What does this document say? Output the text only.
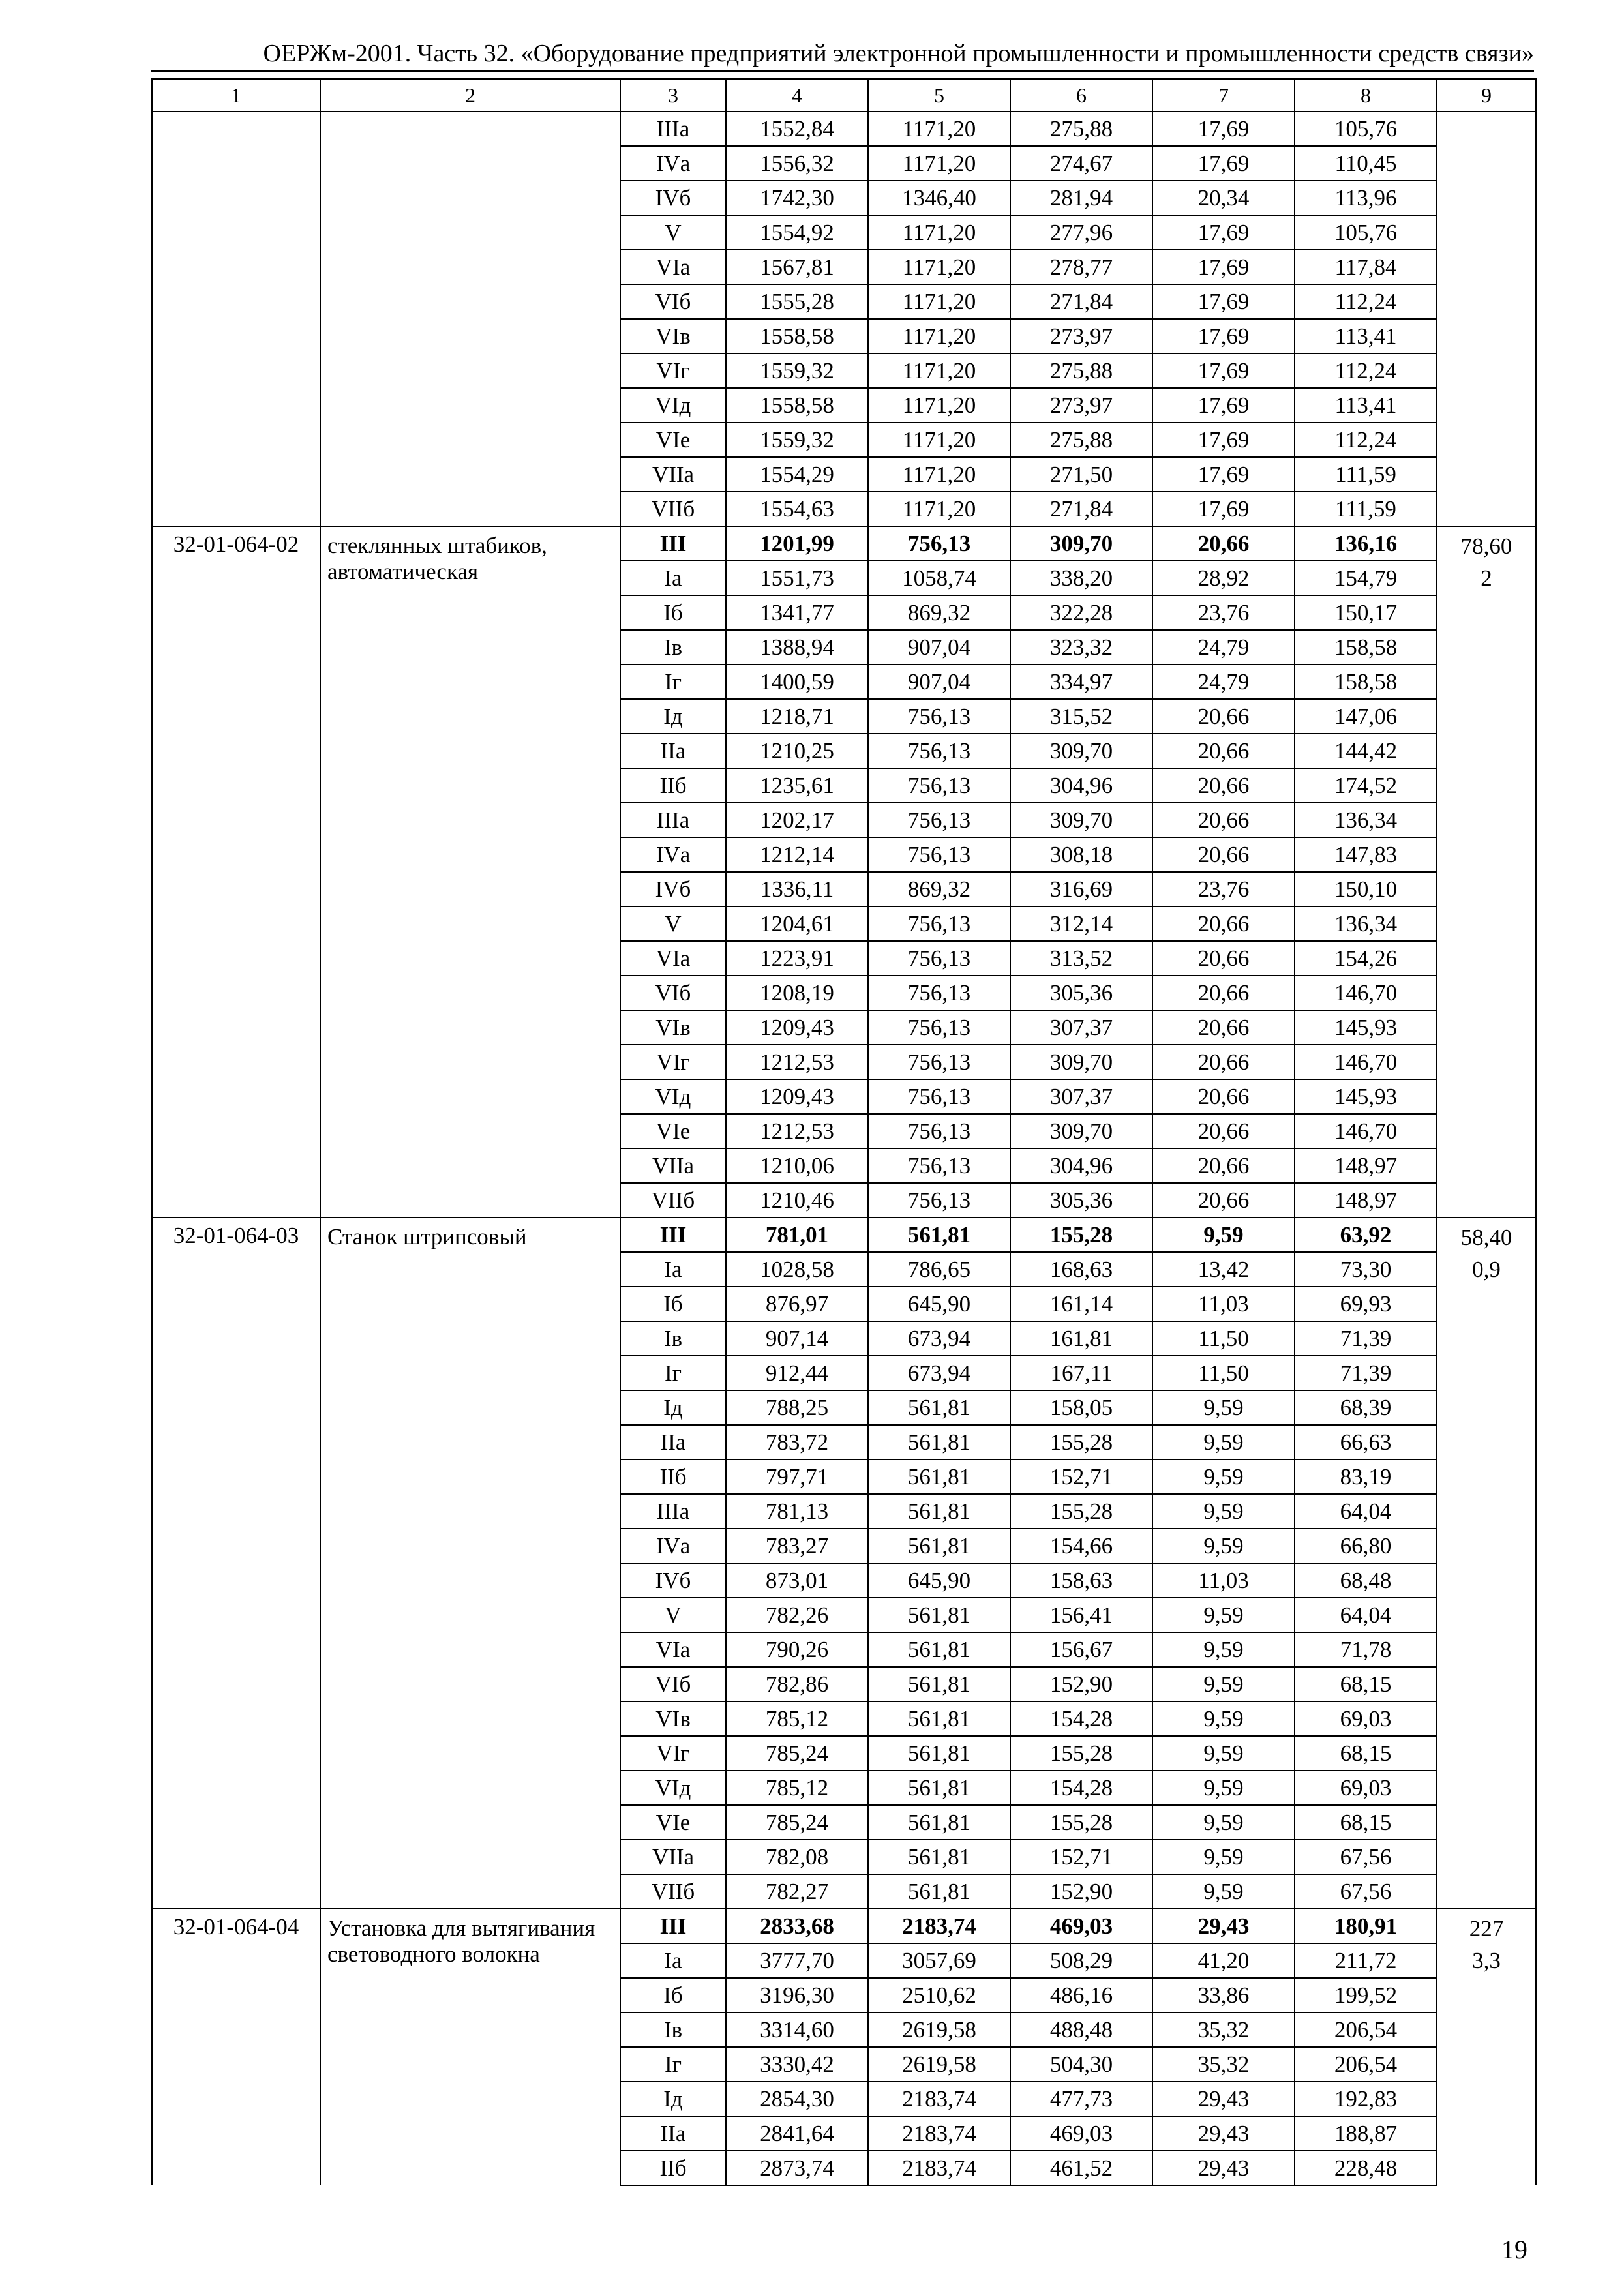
ОЕРЖм-2001. Часть 32. «Оборудование предприятий электронной промышленности и промышленности средств связи»
1	2	3	4	5	6	7	8	9
		IIIа	1552,84	1171,20	275,88	17,69	105,76	

		IVа	1556,32	1171,20	274,67	17,69	110,45	
		IVб	1742,30	1346,40	281,94	20,34	113,96	
		V	1554,92	1171,20	277,96	17,69	105,76	
		VIа	1567,81	1171,20	278,77	17,69	117,84	
		VIб	1555,28	1171,20	271,84	17,69	112,24	
		VIв	1558,58	1171,20	273,97	17,69	113,41	
		VIг	1559,32	1171,20	275,88	17,69	112,24	
		VIд	1558,58	1171,20	273,97	17,69	113,41	
		VIе	1559,32	1171,20	275,88	17,69	112,24	
		VIIа	1554,29	1171,20	271,50	17,69	111,59	
		VIIб	1554,63	1171,20	271,84	17,69	111,59	
32-01-064-02	стеклянных штабиков, автоматическая	III	1201,99	756,13	309,70	20,66	136,16	78,60
2

		Iа	1551,73	1058,74	338,20	28,92	154,79	
		Iб	1341,77	869,32	322,28	23,76	150,17	
		Iв	1388,94	907,04	323,32	24,79	158,58	
		Iг	1400,59	907,04	334,97	24,79	158,58	
		Iд	1218,71	756,13	315,52	20,66	147,06	
		IIа	1210,25	756,13	309,70	20,66	144,42	
		IIб	1235,61	756,13	304,96	20,66	174,52	
		IIIа	1202,17	756,13	309,70	20,66	136,34	
		IVа	1212,14	756,13	308,18	20,66	147,83	
		IVб	1336,11	869,32	316,69	23,76	150,10	
		V	1204,61	756,13	312,14	20,66	136,34	
		VIа	1223,91	756,13	313,52	20,66	154,26	
		VIб	1208,19	756,13	305,36	20,66	146,70	
		VIв	1209,43	756,13	307,37	20,66	145,93	
		VIг	1212,53	756,13	309,70	20,66	146,70	
		VIд	1209,43	756,13	307,37	20,66	145,93	
		VIе	1212,53	756,13	309,70	20,66	146,70	
		VIIа	1210,06	756,13	304,96	20,66	148,97	
		VIIб	1210,46	756,13	305,36	20,66	148,97	
32-01-064-03	Станок штрипсовый	III	781,01	561,81	155,28	9,59	63,92	58,40
0,9

		Iа	1028,58	786,65	168,63	13,42	73,30	
		Iб	876,97	645,90	161,14	11,03	69,93	
		Iв	907,14	673,94	161,81	11,50	71,39	
		Iг	912,44	673,94	167,11	11,50	71,39	
		Iд	788,25	561,81	158,05	9,59	68,39	
		IIа	783,72	561,81	155,28	9,59	66,63	
		IIб	797,71	561,81	152,71	9,59	83,19	
		IIIа	781,13	561,81	155,28	9,59	64,04	
		IVа	783,27	561,81	154,66	9,59	66,80	
		IVб	873,01	645,90	158,63	11,03	68,48	
		V	782,26	561,81	156,41	9,59	64,04	
		VIа	790,26	561,81	156,67	9,59	71,78	
		VIб	782,86	561,81	152,90	9,59	68,15	
		VIв	785,12	561,81	154,28	9,59	69,03	
		VIг	785,24	561,81	155,28	9,59	68,15	
		VIд	785,12	561,81	154,28	9,59	69,03	
		VIе	785,24	561,81	155,28	9,59	68,15	
		VIIа	782,08	561,81	152,71	9,59	67,56	
		VIIб	782,27	561,81	152,90	9,59	67,56	
32-01-064-04	Установка для вытягивания световодного волокна	III	2833,68	2183,74	469,03	29,43	180,91	227
3,3

		Iа	3777,70	3057,69	508,29	41,20	211,72	
		Iб	3196,30	2510,62	486,16	33,86	199,52	
		Iв	3314,60	2619,58	488,48	35,32	206,54	
		Iг	3330,42	2619,58	504,30	35,32	206,54	
		Iд	2854,30	2183,74	477,73	29,43	192,83	
		IIа	2841,64	2183,74	469,03	29,43	188,87	
		IIб	2873,74	2183,74	461,52	29,43	228,48	
19
